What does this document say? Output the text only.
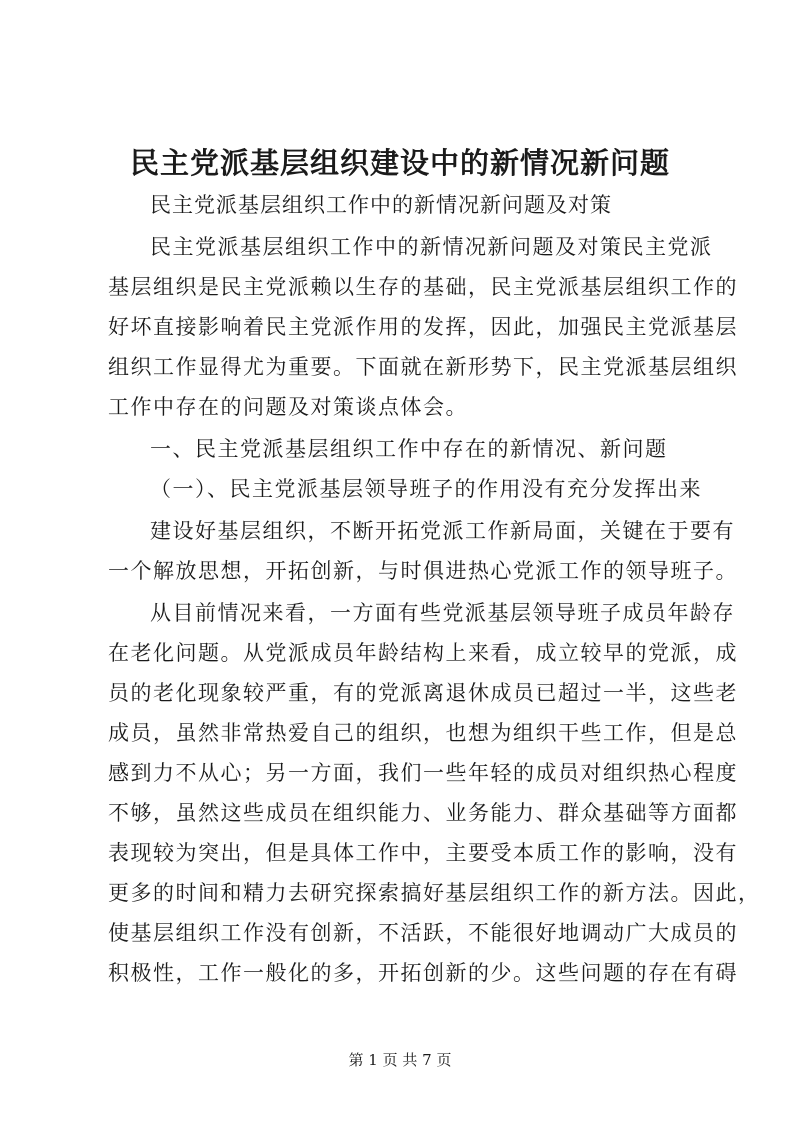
民主党派基层组织建设中的新情况新问题
民主党派基层组织工作中的新情况新问题及对策
民主党派基层组织工作中的新情况新问题及对策民主党派
基层组织是民主党派赖以生存的基础，民主党派基层组织工作的
好坏直接影响着民主党派作用的发挥，因此，加强民主党派基层
组织工作显得尤为重要。下面就在新形势下，民主党派基层组织
工作中存在的问题及对策谈点体会。
一、民主党派基层组织工作中存在的新情况、新问题
（一）、民主党派基层领导班子的作用没有充分发挥出来
建设好基层组织，不断开拓党派工作新局面，关键在于要有
一个解放思想，开拓创新，与时俱进热心党派工作的领导班子。
从目前情况来看，一方面有些党派基层领导班子成员年龄存
在老化问题。从党派成员年龄结构上来看，成立较早的党派，成
员的老化现象较严重，有的党派离退休成员已超过一半，这些老
成员，虽然非常热爱自己的组织，也想为组织干些工作，但是总
感到力不从心；另一方面，我们一些年轻的成员对组织热心程度
不够，虽然这些成员在组织能力、业务能力、群众基础等方面都
表现较为突出，但是具体工作中，主要受本质工作的影响，没有
更多的时间和精力去研究探索搞好基层组织工作的新方法。因此，
使基层组织工作没有创新，不活跃，不能很好地调动广大成员的
积极性，工作一般化的多，开拓创新的少。这些问题的存在有碍
第 1 页 共 7 页
